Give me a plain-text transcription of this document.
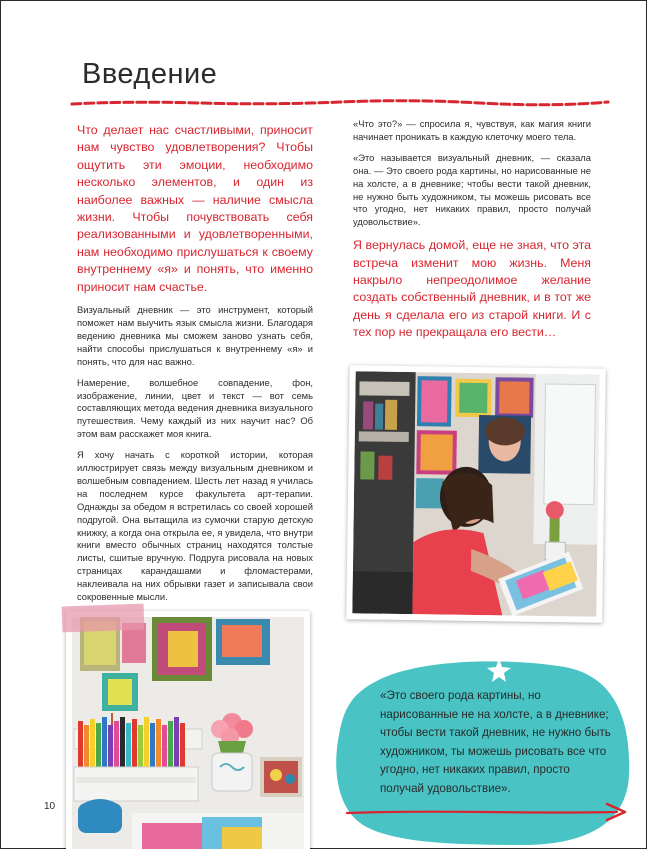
Введение

Что делает нас счастливыми, приносит нам чувство удовлетворения? Чтобы ощутить эти эмоции, необходимо несколько элементов, и один из наиболее важных — наличие смысла жизни. Чтобы почувствовать себя реализованными и удовлетворенными, нам необходимо прислушаться к своему внутреннему «я» и понять, что именно приносит нам счастье.

Визуальный дневник — это инструмент, который поможет нам выучить язык смысла жизни. Благодаря ведению дневника мы сможем заново узнать себя, найти способы прислушаться к внутреннему «я» и понять, что для нас важно.

Намерение, волшебное совпадение, фон, изображение, линии, цвет и текст — вот семь составляющих метода ведения дневника визуального путешествия. Чему каждый из них научит нас? Об этом вам расскажет моя книга.

Я хочу начать с короткой истории, которая иллюстрирует связь между визуальным дневником и волшебным совпадением. Шесть лет назад я училась на последнем курсе факультета арт-терапии. Однажды за обедом я встретилась со своей хорошей подругой. Она вытащила из сумочки старую детскую книжку, а когда она открыла ее, я увидела, что внутри книги вместо обычных страниц находятся толстые листы, сшитые вручную. Подруга рисовала на новых страницах карандашами и фломастерами, наклеивала на них обрывки газет и записывала свои сокровенные мысли.

«Что это?» — спросила я, чувствуя, как магия книги начинает проникать в каждую клеточку моего тела.

«Это называется визуальный дневник, — сказала она. — Это своего рода картины, но нарисованные не на холсте, а в дневнике; чтобы вести такой дневник, не нужно быть художником, ты можешь рисовать все что угодно, нет никаких правил, просто получай удовольствие».

Я вернулась домой, еще не зная, что эта встреча изменит мою жизнь. Меня накрыло непреодолимое желание создать собственный дневник, и в тот же день я сделала его из старой книги. И с тех пор не прекращала его вести…

«Это своего рода картины, но нарисованные не на холсте, а в дневнике; чтобы вести такой дневник, не нужно быть художником, ты можешь рисовать все что угодно, нет никаких правил, просто получай удовольствие».

10
